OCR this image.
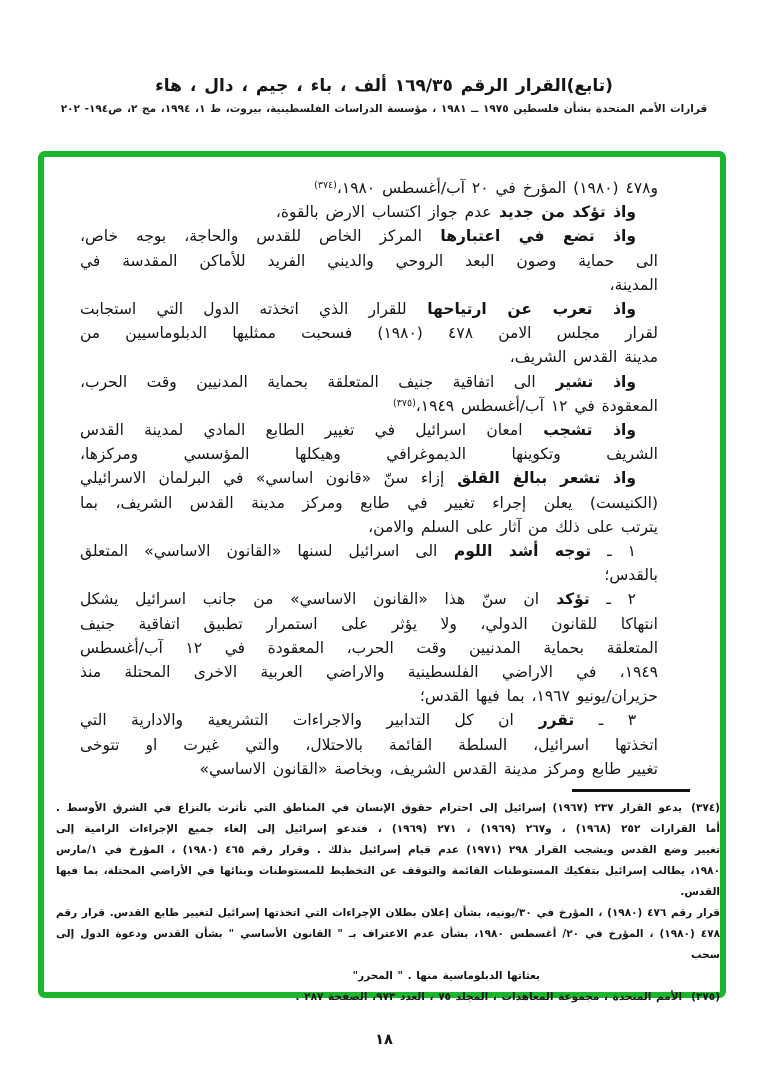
(تابع)القرار الرقم ١٦٩/٣٥ ألف ، باء ، جيم ، دال ، هاء
قرارات الأمم المتحدة بشأن فلسطين ١٩٧٥ ــ ١٩٨١ ، مؤسسة الدراسات الفلسطينية، بيروت، ط ١، ١٩٩٤، مج ٢، ص١٩٤- ٢٠٢
و٤٧٨ (١٩٨٠) المؤرخ في ٢٠ آب/أغسطس ١٩٨٠،$^{(٣٧٤)}$
واذ تؤكد من جديد عدم جواز اكتساب الارض بالقوة،
واذ تضع في اعتبارها المركز الخاص للقدس والحاجة، بوجه خاص،
الى حماية وصون البعد الروحي والديني الفريد للأماكن المقدسة في
المدينة،
واذ تعرب عن ارتياحها للقرار الذي اتخذته الدول التي استجابت
لقرار مجلس الامن ٤٧٨ (١٩٨٠) فسحبت ممثليها الدبلوماسيين من
مدينة القدس الشريف،
واذ تشير الى اتفاقية جنيف المتعلقة بحماية المدنيين وقت الحرب،
المعقودة في ١٢ آب/أغسطس ١٩٤٩،$^{(٣٧٥)}$
واذ تشجب امعان اسرائيل في تغيير الطابع المادي لمدينة القدس
الشريف وتكوينها الديموغرافي وهيكلها المؤسسي ومركزها،
واذ تشعر ببالغ القلق إزاء سنّ «قانون اساسي» في البرلمان الاسرائيلي
(الكنيست) يعلن إجراء تغيير في طابع ومركز مدينة القدس الشريف، بما
يترتب على ذلك من آثار على السلم والامن،
١ ـ توجه أشد اللوم الى اسرائيل لسنها «القانون الاساسي» المتعلق
بالقدس؛
٢ ـ تؤكد ان سنّ هذا «القانون الاساسي» من جانب اسرائيل يشكل
انتهاكا للقانون الدولي، ولا يؤثر على استمرار تطبيق اتفاقية جنيف
المتعلقة بحماية المدنيين وقت الحرب، المعقودة في ١٢ آب/أغسطس
١٩٤٩، في الاراضي الفلسطينية والاراضي العربية الاخرى المحتلة منذ
حزيران/يونيو ١٩٦٧، بما فيها القدس؛
٣ ـ تقرر ان كل التدابير والاجراءات التشريعية والادارية التي
اتخذتها اسرائيل، السلطة القائمة بالاحتلال، والتي غيرت او تتوخى
تغيير طابع ومركز مدينة القدس الشريف، وبخاصة «القانون الاساسي»
(٣٧٤)يدعو القرار ٢٣٧ (١٩٦٧) إسرائيل إلى احترام حقوق الإنسان في المناطق التي تأثرت بالنزاع في الشرق الأوسط .
أما القرارات ٢٥٢ (١٩٦٨) ، و٢٦٧ (١٩٦٩) ، ٢٧١ (١٩٦٩) ، فتدعو إسرائيل إلى إلغاء جميع الإجراءات الرامية إلى
تغيير وضع القدس ويشجب القرار ٢٩٨ (١٩٧١) عدم قيام إسرائيل بذلك . وقرار رقم ٤٦٥ (١٩٨٠) ، المؤرخ في ١/مارس
١٩٨٠، يطالب إسرائيل بتفكيك المستوطنات القائمة والتوقف عن التخطيط للمستوطنات وبنائها في الأراضي المحتلة، بما فيها القدس.
قرار رقم ٤٧٦ (١٩٨٠) ، المؤرخ في ٣٠/يونيه، بشأن إعلان بطلان الإجراءات التي اتخذتها إسرائيل لتغيير طابع القدس. قرار رقم
٤٧٨ (١٩٨٠) ، المؤرخ في ٢٠/ أغسطس ١٩٨٠، بشأن عدم الاعتراف بـ " القانون الأساسي " بشأن القدس ودعوة الدول إلى سحب
بعثاتها الدبلوماسية منها . " المحرر"
(٣٧٥)الأمم المتحدة ، مجموعة المعاهدات ، المجلد ٧٥ ، العدد ٩٧٣، الصفحة ٢٨٧ .
١٨
